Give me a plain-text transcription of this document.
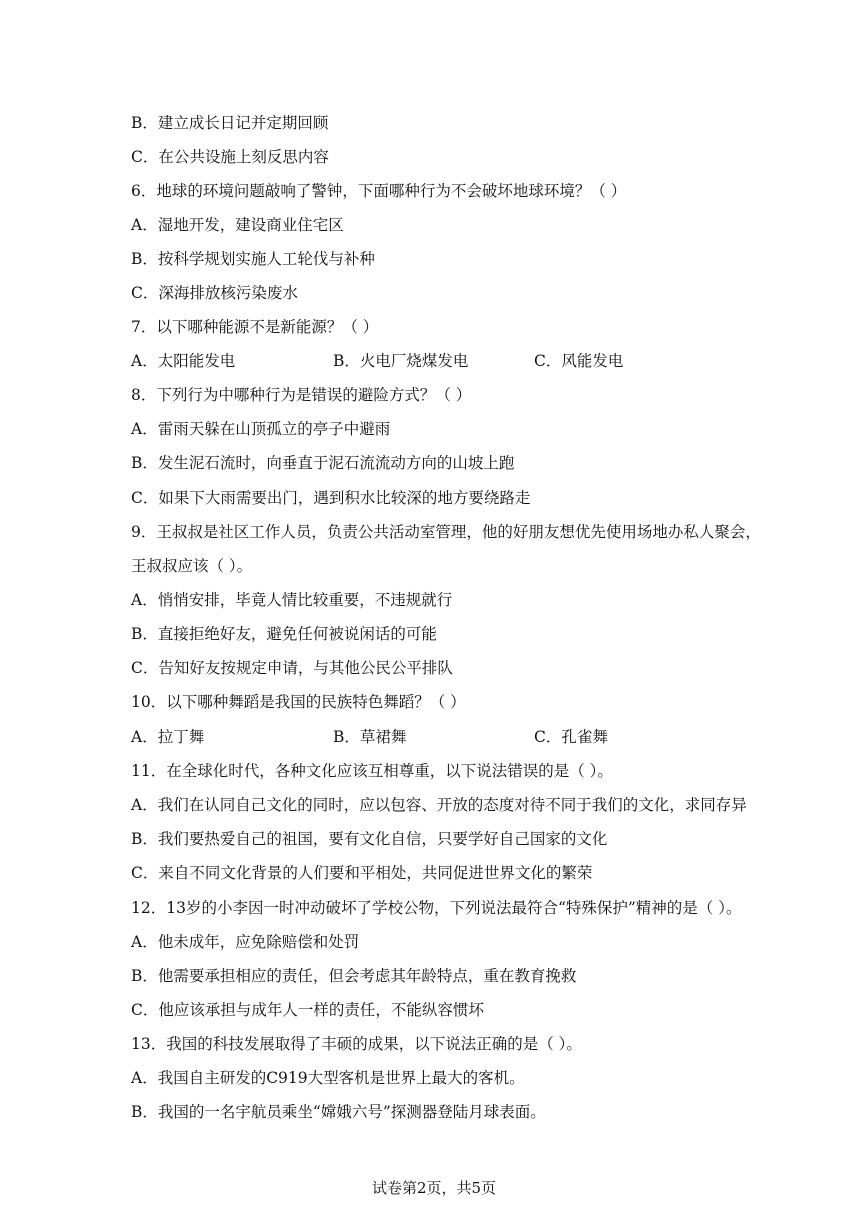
B．建立成长日记并定期回顾
C．在公共设施上刻反思内容
6．地球的环境问题敲响了警钟，下面哪种行为不会破坏地球环境？（ ）
A．湿地开发，建设商业住宅区
B．按科学规划实施人工轮伐与补种
C．深海排放核污染废水
7．以下哪种能源不是新能源？（ ）
A．太阳能发电	B．火电厂烧煤发电	C．风能发电
8．下列行为中哪种行为是错误的避险方式？（ ）
A．雷雨天躲在山顶孤立的亭子中避雨
B．发生泥石流时，向垂直于泥石流流动方向的山坡上跑
C．如果下大雨需要出门，遇到积水比较深的地方要绕路走
9．王叔叔是社区工作人员，负责公共活动室管理，他的好朋友想优先使用场地办私人聚会，
王叔叔应该（ ）。
A．悄悄安排，毕竟人情比较重要，不违规就行
B．直接拒绝好友，避免任何被说闲话的可能
C．告知好友按规定申请，与其他公民公平排队
10．以下哪种舞蹈是我国的民族特色舞蹈？（ ）
A．拉丁舞	B．草裙舞	C．孔雀舞
11．在全球化时代，各种文化应该互相尊重，以下说法错误的是（ ）。
A．我们在认同自己文化的同时，应以包容、开放的态度对待不同于我们的文化，求同存异
B．我们要热爱自己的祖国，要有文化自信，只要学好自己国家的文化
C．来自不同文化背景的人们要和平相处，共同促进世界文化的繁荣
12．13岁的小李因一时冲动破坏了学校公物，下列说法最符合“特殊保护”精神的是（ ）。
A．他未成年，应免除赔偿和处罚
B．他需要承担相应的责任，但会考虑其年龄特点，重在教育挽救
C．他应该承担与成年人一样的责任，不能纵容惯坏
13．我国的科技发展取得了丰硕的成果，以下说法正确的是（ ）。
A．我国自主研发的C919大型客机是世界上最大的客机。
B．我国的一名宇航员乘坐“嫦娥六号”探测器登陆月球表面。
试卷第2页，共5页
